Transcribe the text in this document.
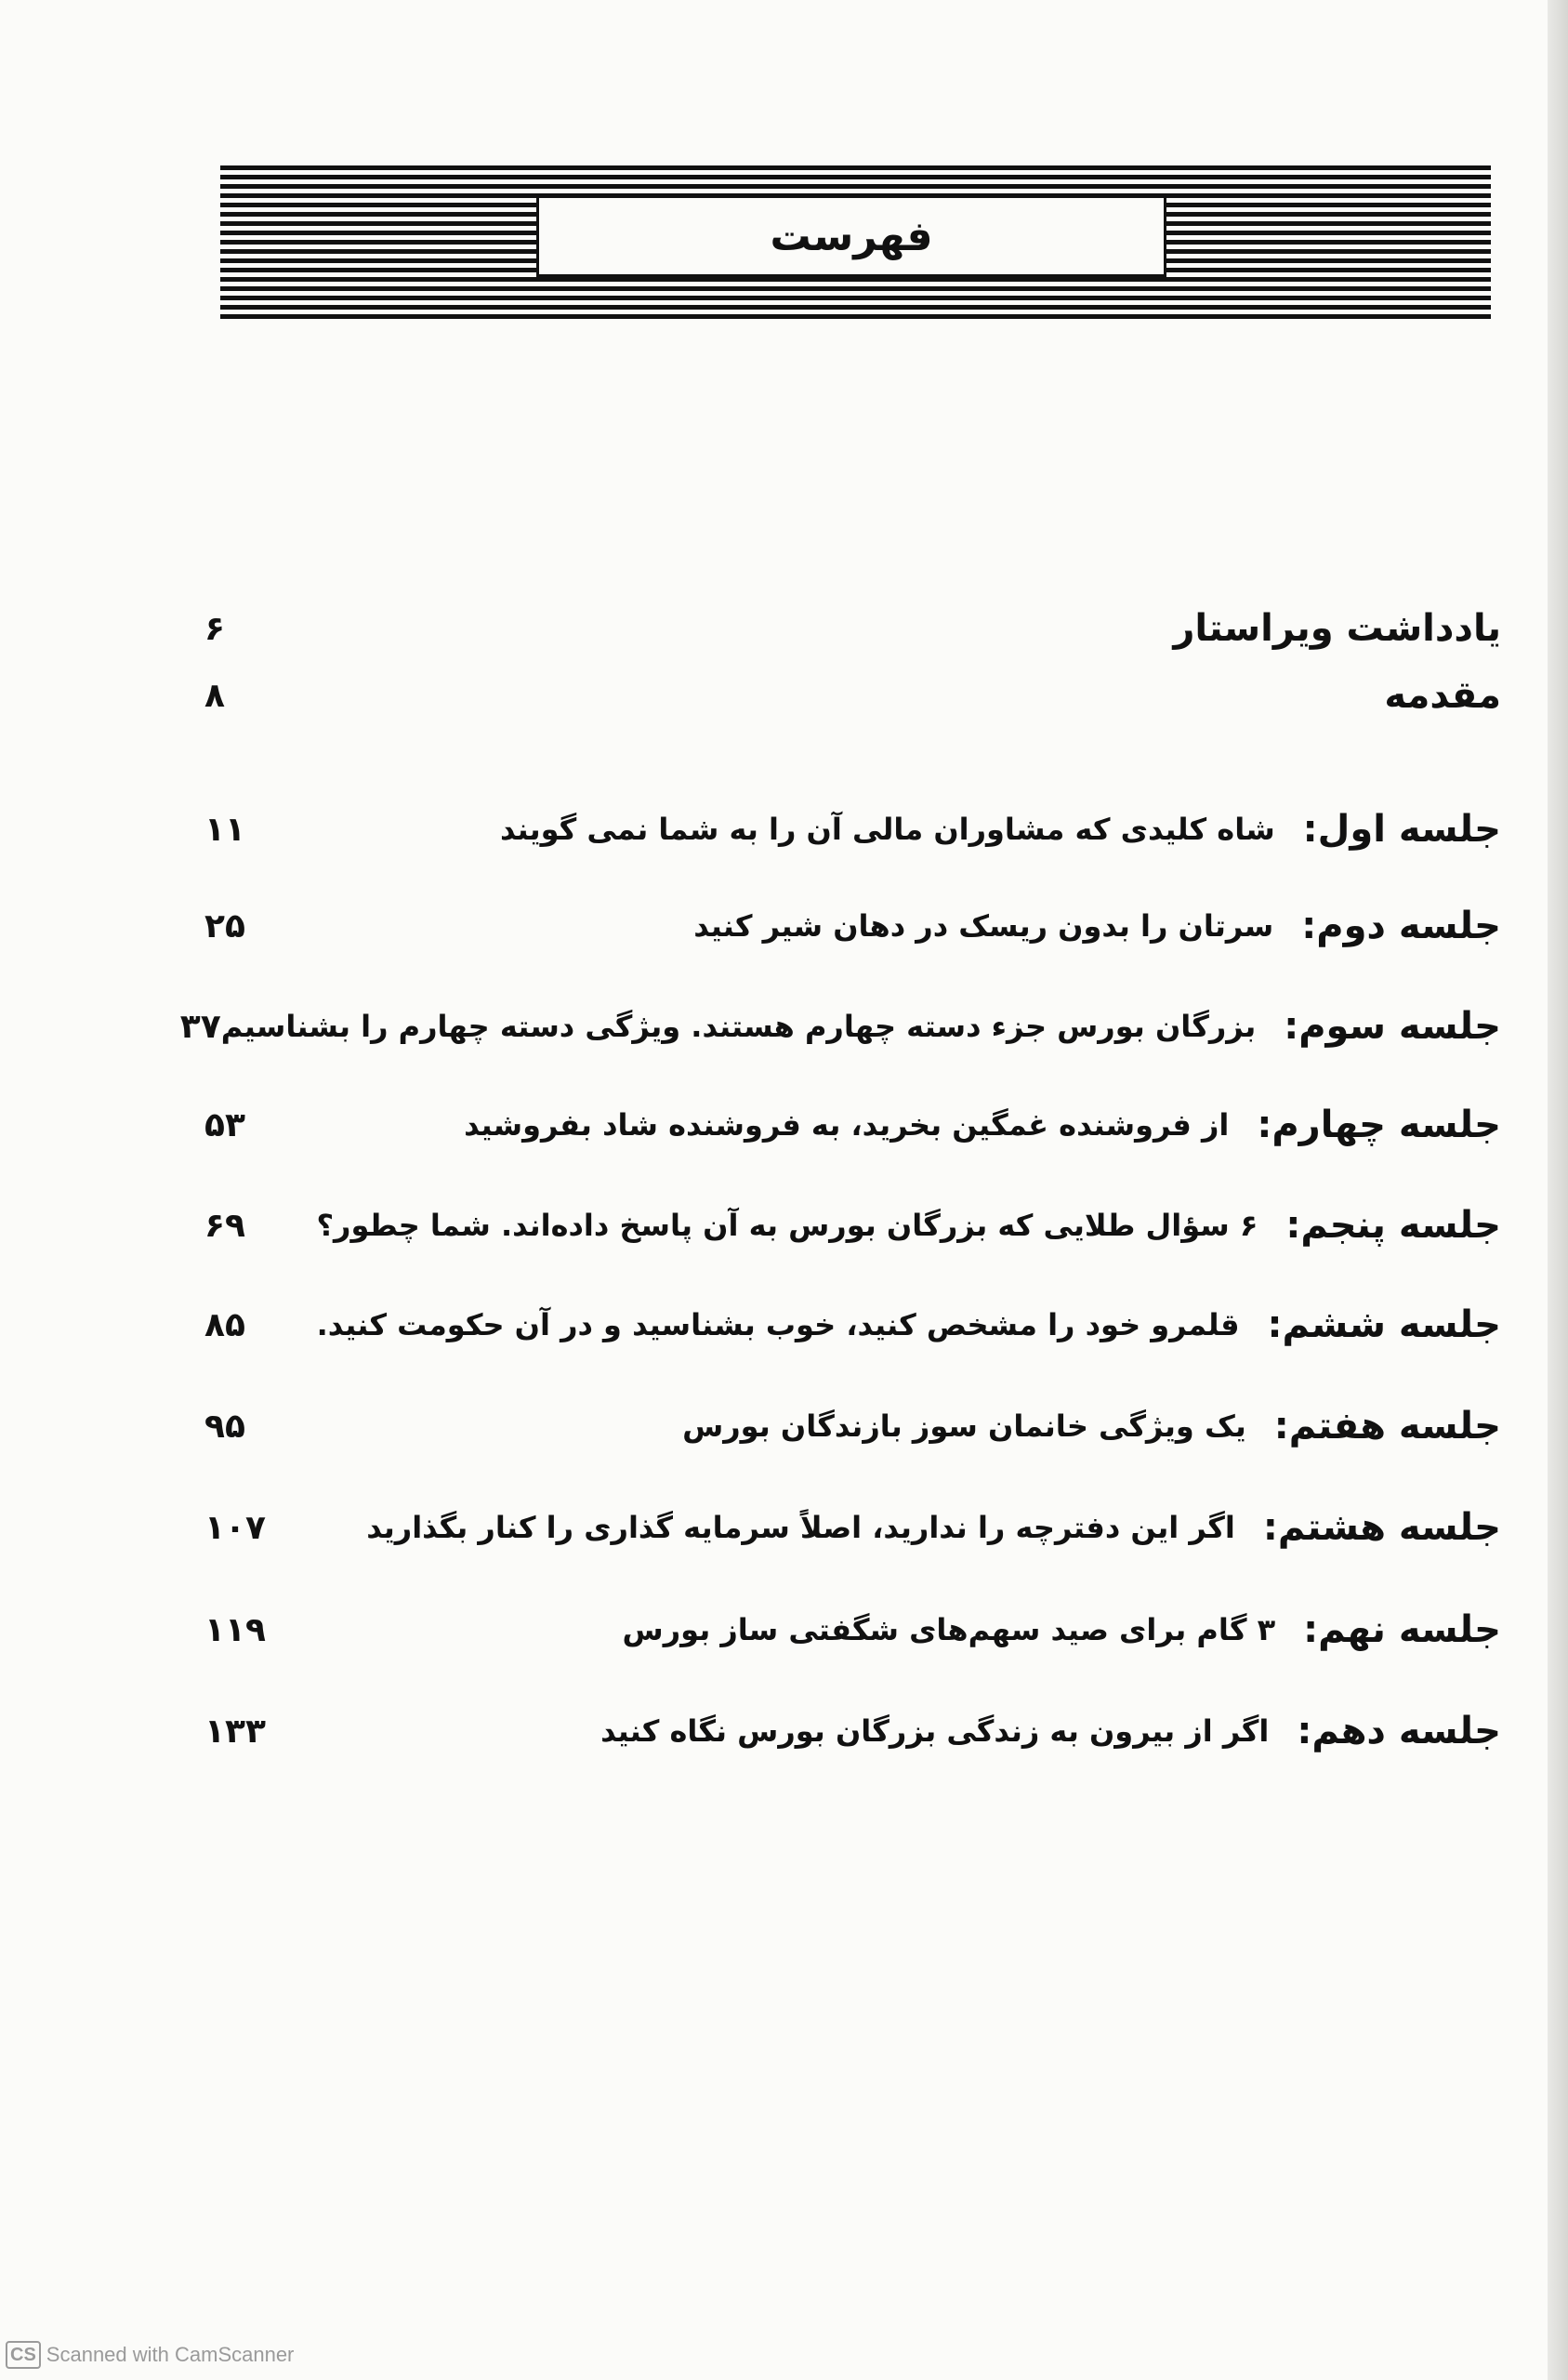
فهرست
یادداشت ویراستار
۶
مقدمه
۸
جلسه اول:
شاه کلیدی که مشاوران مالی آن را به شما نمی گویند
۱۱
جلسه دوم:
سرتان را بدون ریسک در دهان شیر کنید
۲۵
جلسه سوم:
بزرگان بورس جزء دسته چهارم هستند. ویژگی دسته چهارم را بشناسیم
۳۷
جلسه چهارم:
از فروشنده غمگین بخرید، به فروشنده شاد بفروشید
۵۳
جلسه پنجم:
۶ سؤال طلایی که بزرگان بورس به آن پاسخ داده‌اند. شما چطور؟
۶۹
جلسه ششم:
قلمرو خود را مشخص کنید، خوب بشناسید و در آن حکومت کنید.
۸۵
جلسه هفتم:
یک ویژگی خانمان سوز بازندگان بورس
۹۵
جلسه هشتم:
اگر این دفترچه را ندارید، اصلاً سرمایه گذاری را کنار بگذارید
۱۰۷
جلسه نهم:
۳ گام برای صید سهم‌های شگفتی ساز بورس
۱۱۹
جلسه دهم:
اگر از بیرون به زندگی بزرگان بورس نگاه کنید
۱۳۳
CS Scanned with CamScanner
